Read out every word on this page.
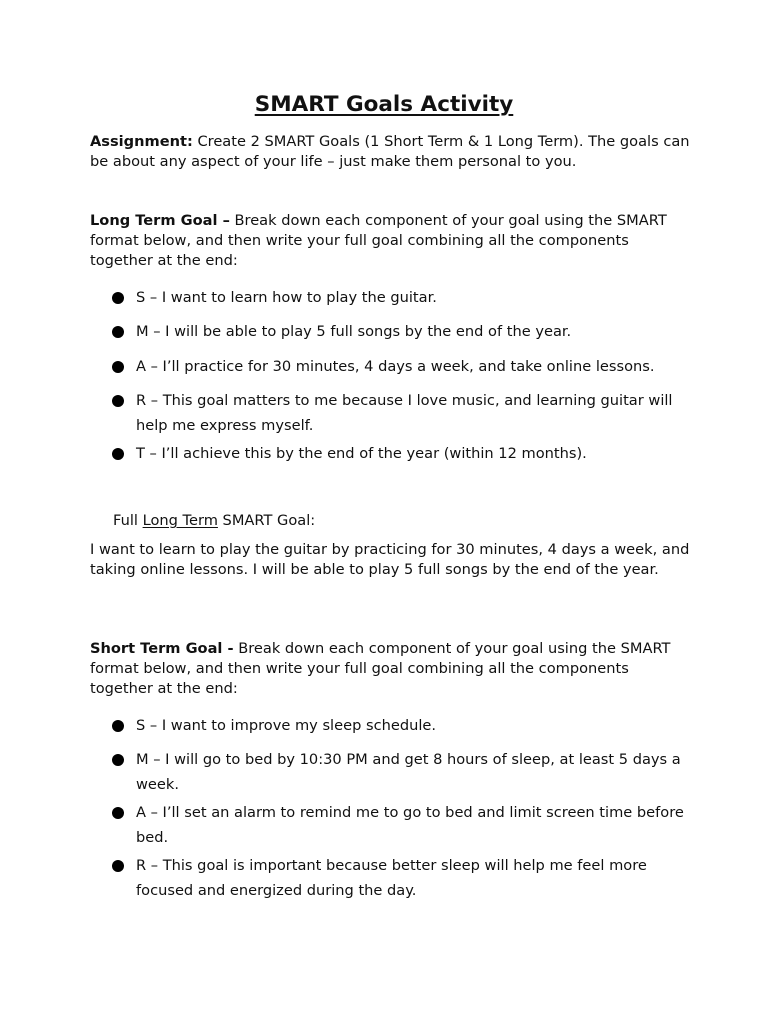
SMART Goals Activity
Assignment: Create 2 SMART Goals (1 Short Term & 1 Long Term). The goals can be about any aspect of your life – just make them personal to you.
Long Term Goal – Break down each component of your goal using the SMART format below, and then write your full goal combining all the components together at the end:
S – I want to learn how to play the guitar.
M – I will be able to play 5 full songs by the end of the year.
A – I’ll practice for 30 minutes, 4 days a week, and take online lessons.
R – This goal matters to me because I love music, and learning guitar will help me express myself.
T – I’ll achieve this by the end of the year (within 12 months).
Full Long Term SMART Goal:
I want to learn to play the guitar by practicing for 30 minutes, 4 days a week, and taking online lessons. I will be able to play 5 full songs by the end of the year.
Short Term Goal - Break down each component of your goal using the SMART format below, and then write your full goal combining all the components together at the end:
S – I want to improve my sleep schedule.
M – I will go to bed by 10:30 PM and get 8 hours of sleep, at least 5 days a week.
A – I’ll set an alarm to remind me to go to bed and limit screen time before bed.
R – This goal is important because better sleep will help me feel more focused and energized during the day.
